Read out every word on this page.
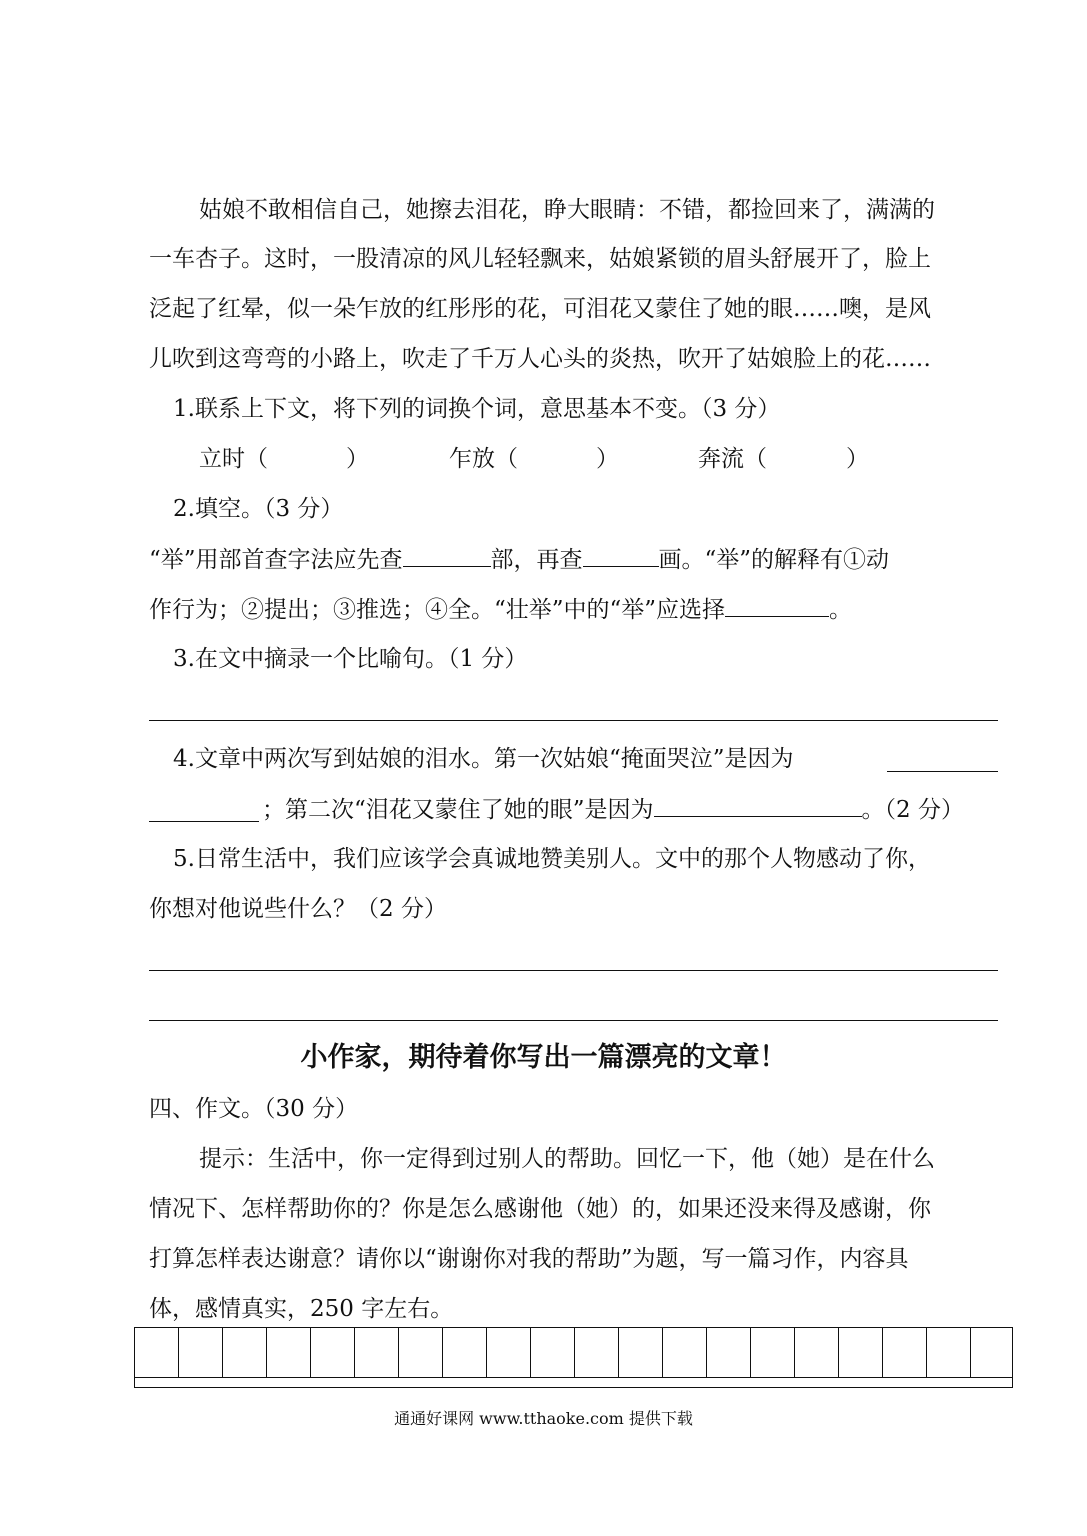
姑娘不敢相信自己，她擦去泪花，睁大眼睛：不错，都捡回来了，满满的
一车杏子。这时，一股清凉的风儿轻轻飘来，姑娘紧锁的眉头舒展开了，脸上
泛起了红晕，似一朵乍放的红彤彤的花，可泪花又蒙住了她的眼……噢，是风
儿吹到这弯弯的小路上，吹走了千万人心头的炎热，吹开了姑娘脸上的花……
1.联系上下文，将下列的词换个词，意思基本不变。（3 分）
立时（	）	乍放（	）	奔流（	）
2.填空。（3 分）
“举”用部首查字法应先查	部，再查	画。“举”的解释有①动
作行为；②提出；③推选；④全。“壮举”中的“举”应选择	。
3.在文中摘录一个比喻句。（1 分）
4.文章中两次写到姑娘的泪水。第一次姑娘“掩面哭泣”是因为
；第二次“泪花又蒙住了她的眼”是因为	。（2 分）
5.日常生活中，我们应该学会真诚地赞美别人。文中的那个人物感动了你，
你想对他说些什么？（2 分）
小作家，期待着你写出一篇漂亮的文章！
四、作文。（30 分）
提示：生活中，你一定得到过别人的帮助。回忆一下，他（她）是在什么
情况下、怎样帮助你的？你是怎么感谢他（她）的，如果还没来得及感谢，你
打算怎样表达谢意？请你以“谢谢你对我的帮助”为题，写一篇习作，内容具
体，感情真实，250 字左右。
通通好课网 www.tthaoke.com 提供下载
